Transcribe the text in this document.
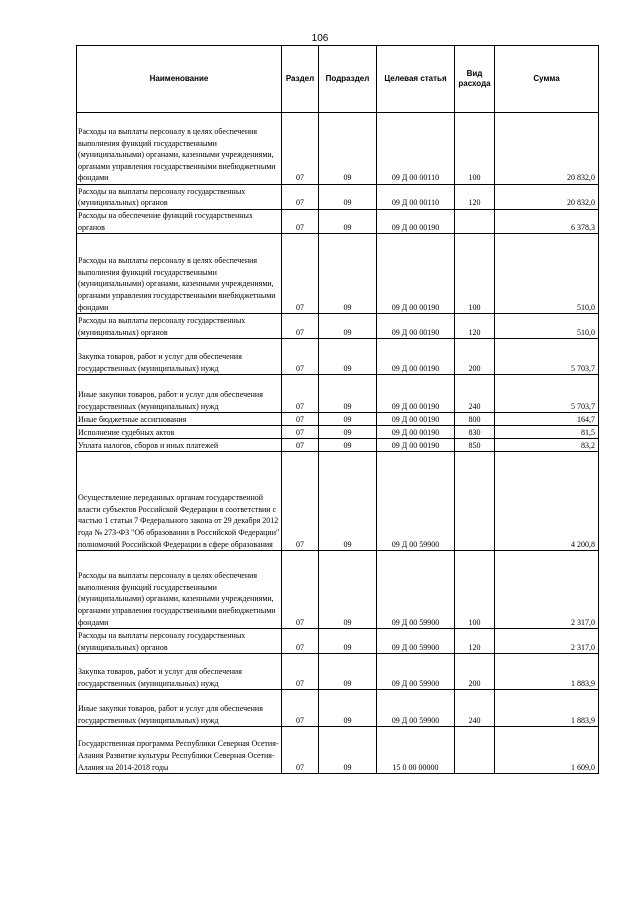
106
Наименование	Раздел	Подраздел	Целевая статья	Вид расхода	Сумма
Расходы на выплаты персоналу в целях обеспечения выполнения функций государственными (муниципальными) органами, казенными учреждениями, органами управления государственными внебюджетными фондами	07	09	09 Д 00 00110	100	20 832,0
Расходы на выплаты персоналу государственных (муниципальных) органов	07	09	09 Д 00 00110	120	20 832,0
Расходы на обеспечение функций государственных органов	07	09	09 Д 00 00190		6 378,3
Расходы на выплаты персоналу в целях обеспечения выполнения функций государственными (муниципальными) органами, казенными учреждениями, органами управления государственными внебюджетными фондами	07	09	09 Д 00 00190	100	510,0
Расходы на выплаты персоналу государственных (муниципальных) органов	07	09	09 Д 00 00190	120	510,0
Закупка товаров, работ и услуг для обеспечения государственных (муниципальных) нужд	07	09	09 Д 00 00190	200	5 703,7
Иные закупки товаров, работ и услуг для обеспечения государственных (муниципальных) нужд	07	09	09 Д 00 00190	240	5 703,7
Иные бюджетные ассигнования	07	09	09 Д 00 00190	800	164,7
Исполнение судебных актов	07	09	09 Д 00 00190	830	81,5
Уплата налогов, сборов и иных платежей	07	09	09 Д 00 00190	850	83,2
Осуществление переданных органам государственной власти субъектов Российской Федерации в соответствии с частью 1 статьи 7 Федерального закона от 29 декабря 2012 года № 273-ФЗ "Об образовании в Российской Федерации" полномочий Российской Федерации в сфере образования	07	09	09 Д 00 59900		4 200,8
Расходы на выплаты персоналу в целях обеспечения выполнения функций государственными (муниципальными) органами, казенными учреждениями, органами управления государственными внебюджетными фондами	07	09	09 Д 00 59900	100	2 317,0
Расходы на выплаты персоналу государственных (муниципальных) органов	07	09	09 Д 00 59900	120	2 317,0
Закупка товаров, работ и услуг для обеспечения государственных (муниципальных) нужд	07	09	09 Д 00 59900	200	1 883,9
Иные закупки товаров, работ и услуг для обеспечения государственных (муниципальных) нужд	07	09	09 Д 00 59900	240	1 883,9
Государственная программа Республики Северная Осетия-Алания Развитие культуры Республики Северная Осетия-Алания на 2014-2018 годы	07	09	15 0 00 00000		1 609,0
